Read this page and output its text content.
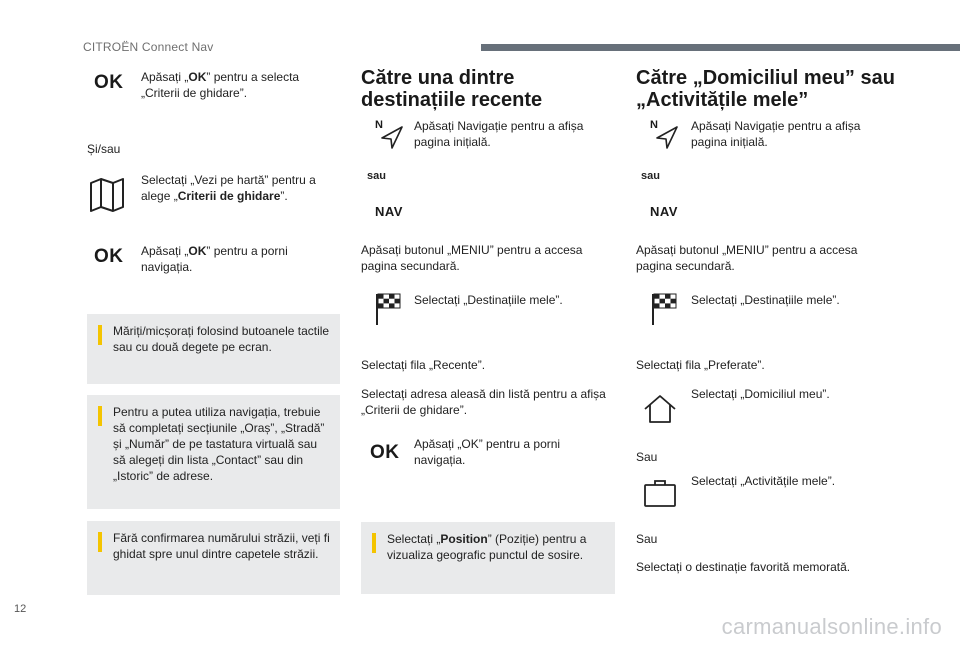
CITROËN Connect Nav
OK Apăsați „OK” pentru a selecta „Criterii de ghidare”.
Și/sau
Selectați „Vezi pe hartă” pentru a alege „Criterii de ghidare”.
OK Apăsați „OK” pentru a porni navigația.
Măriți/micșorați folosind butoanele tactile sau cu două degete pe ecran.
Pentru a putea utiliza navigația, trebuie să completați secțiunile „Oraș”, „Stradă” și „Număr” de pe tastatura virtuală sau să alegeți din lista „Contact” sau din „Istoric” de adrese.
Fără confirmarea numărului străzii, veți fi ghidat spre unul dintre capetele străzii.
Către una dintre destinațiile recente
N	Apăsați Navigație pentru a afișa pagina inițială.
sau
NAV
Apăsați butonul „MENIU” pentru a accesa pagina secundară.
Selectați „Destinațiile mele”.
Selectați fila „Recente”.
Selectați adresa aleasă din listă pentru a afișa „Criterii de ghidare”.
OK Apăsați „OK” pentru a porni navigația.
Selectați „Position” (Poziție) pentru a vizualiza geografic punctul de sosire.
Către „Domiciliul meu” sau „Activitățile mele”
N	Apăsați Navigație pentru a afișa pagina inițială.
sau
NAV
Apăsați butonul „MENIU” pentru a accesa pagina secundară.
Selectați „Destinațiile mele”.
Selectați fila „Preferate”.
Selectați „Domiciliul meu”.
Sau
Selectați „Activitățile mele”.
Sau
Selectați o destinație favorită memorată.
12
carmanualsonline.info
